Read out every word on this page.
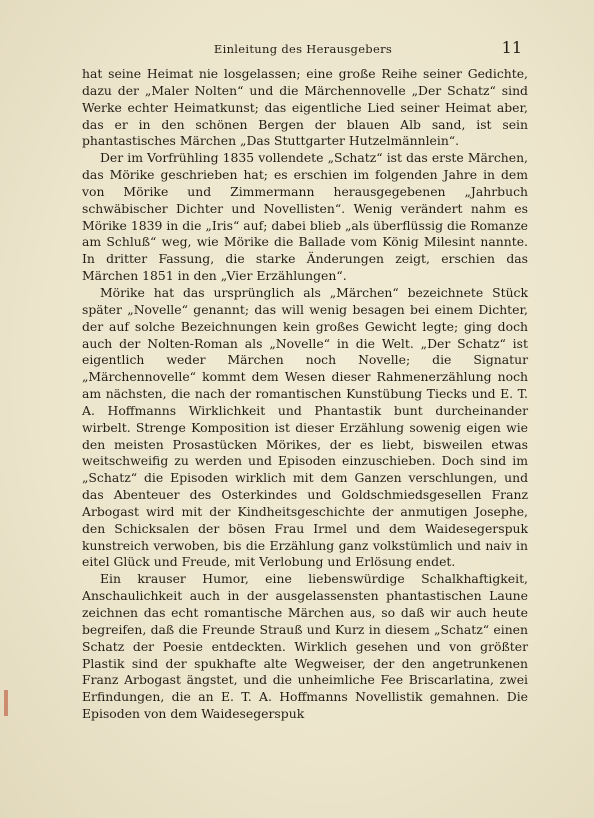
Einleitung des Herausgebers	11

hat seine Heimat nie losgelassen; eine große Reihe seiner Gedichte, dazu der „Maler Nolten“ und die Märchennovelle „Der Schatz“ sind Werke echter Heimatkunst; das eigentliche Lied seiner Heimat aber, das er in den schönen Bergen der blauen Alb sand, ist sein phantastisches Märchen „Das Stuttgarter Hutzelmännlein“.

Der im Vorfrühling 1835 vollendete „Schatz“ ist das erste Märchen, das Mörike geschrieben hat; es erschien im folgenden Jahre in dem von Mörike und Zimmermann herausgegebenen „Jahrbuch schwäbischer Dichter und Novellisten“. Wenig verändert nahm es Mörike 1839 in die „Iris“ auf; dabei blieb „als überflüssig die Romanze am Schluß“ weg, wie Mörike die Ballade vom König Milesint nannte. In dritter Fassung, die starke Änderungen zeigt, erschien das Märchen 1851 in den „Vier Erzählungen“.

Mörike hat das ursprünglich als „Märchen“ bezeichnete Stück später „Novelle“ genannt; das will wenig besagen bei einem Dichter, der auf solche Bezeichnungen kein großes Gewicht legte; ging doch auch der Nolten-Roman als „Novelle“ in die Welt. „Der Schatz“ ist eigentlich weder Märchen noch Novelle; die Signatur „Märchennovelle“ kommt dem Wesen dieser Rahmenerzählung noch am nächsten, die nach der romantischen Kunstübung Tiecks und E. T. A. Hoffmanns Wirklichkeit und Phantastik bunt durcheinander wirbelt. Strenge Komposition ist dieser Erzählung sowenig eigen wie den meisten Prosastücken Mörikes, der es liebt, bisweilen etwas weitschweifig zu werden und Episoden einzuschieben. Doch sind im „Schatz“ die Episoden wirklich mit dem Ganzen verschlungen, und das Abenteuer des Osterkindes und Goldschmiedsgesellen Franz Arbogast wird mit der Kindheitsgeschichte der anmutigen Josephe, den Schicksalen der bösen Frau Irmel und dem Waidesegerspuk kunstreich verwoben, bis die Erzählung ganz volkstümlich und naiv in eitel Glück und Freude, mit Verlobung und Erlösung endet.

Ein krauser Humor, eine liebenswürdige Schalkhaftigkeit, Anschaulichkeit auch in der ausgelassensten phantastischen Laune zeichnen das echt romantische Märchen aus, so daß wir auch heute begreifen, daß die Freunde Strauß und Kurz in diesem „Schatz“ einen Schatz der Poesie entdeckten. Wirklich gesehen und von größter Plastik sind der spukhafte alte Wegweiser, der den angetrunkenen Franz Arbogast ängstet, und die unheimliche Fee Briscarlatina, zwei Erfindungen, die an E. T. A. Hoffmanns Novellistik gemahnen. Die Episoden von dem Waidesegerspuk
